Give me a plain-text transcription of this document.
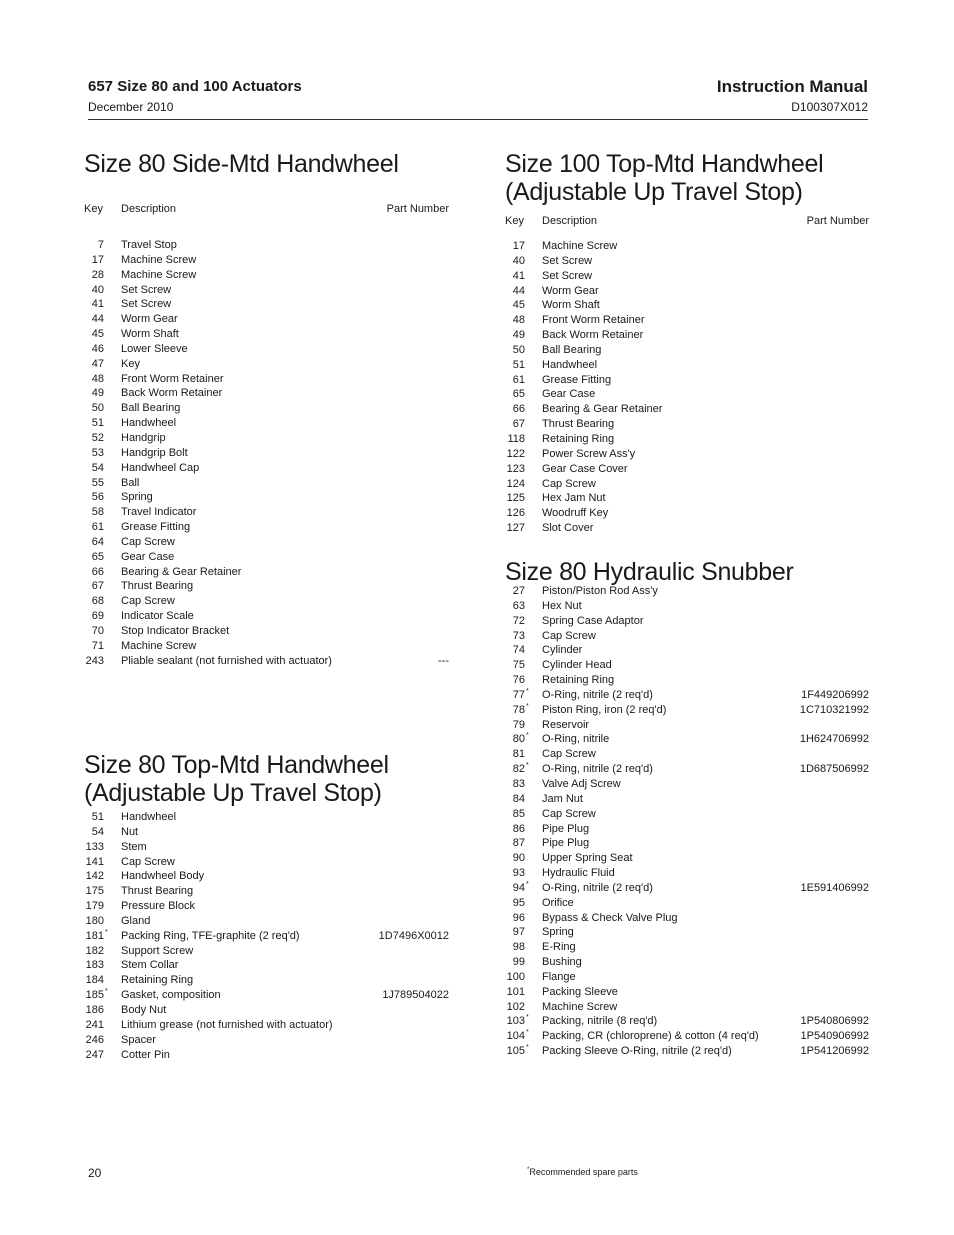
657 Size 80 and 100 Actuators
December 2010
Instruction Manual
D100307X012
Size 80 Side-Mtd Handwheel
Key Description	Part Number
7 Travel Stop
17 Machine Screw
28 Machine Screw
40 Set Screw
41 Set Screw
44 Worm Gear
45 Worm Shaft
46 Lower Sleeve
47 Key
48 Front Worm Retainer
49 Back Worm Retainer
50 Ball Bearing
51 Handwheel
52 Handgrip
53 Handgrip Bolt
54 Handwheel Cap
55 Ball
56 Spring
58 Travel Indicator
61 Grease Fitting
64 Cap Screw
65 Gear Case
66 Bearing & Gear Retainer
67 Thrust Bearing
68 Cap Screw
69 Indicator Scale
70 Stop Indicator Bracket
71 Machine Screw
243 Pliable sealant (not furnished with actuator)	---
Size 80 Top-Mtd Handwheel
(Adjustable Up Travel Stop)
51 Handwheel
54 Nut
133 Stem
141 Cap Screw
142 Handwheel Body
175 Thrust Bearing
179 Pressure Block
180 Gland
181 * Packing Ring, TFE-graphite (2 req'd)	1D7496X0012
182 Support Screw
183 Stem Collar
184 Retaining Ring
185 * Gasket, composition	1J789504022
186 Body Nut
241 Lithium grease (not furnished with actuator)
246 Spacer
247 Cotter Pin
Size 100 Top-Mtd Handwheel
(Adjustable Up Travel Stop)
Key Description	Part Number
17 Machine Screw
40 Set Screw
41 Set Screw
44 Worm Gear
45 Worm Shaft
48 Front Worm Retainer
49 Back Worm Retainer
50 Ball Bearing
51 Handwheel
61 Grease Fitting
65 Gear Case
66 Bearing & Gear Retainer
67 Thrust Bearing
118 Retaining Ring
122 Power Screw Ass'y
123 Gear Case Cover
124 Cap Screw
125 Hex Jam Nut
126 Woodruff Key
127 Slot Cover
Size 80 Hydraulic Snubber
27 Piston/Piston Rod Ass'y
63 Hex Nut
72 Spring Case Adaptor
73 Cap Screw
74 Cylinder
75 Cylinder Head
76 Retaining Ring
77 * O-Ring, nitrile (2 req'd)	1F449206992
78 * Piston Ring, iron (2 req'd)	1C710321992
79 Reservoir
80 * O-Ring, nitrile	1H624706992
81 Cap Screw
82 * O-Ring, nitrile (2 req'd)	1D687506992
83 Valve Adj Screw
84 Jam Nut
85 Cap Screw
86 Pipe Plug
87 Pipe Plug
90 Upper Spring Seat
93 Hydraulic Fluid
94 * O-Ring, nitrile (2 req'd)	1E591406992
95 Orifice
96 Bypass & Check Valve Plug
97 Spring
98 E-Ring
99 Bushing
100 Flange
101 Packing Sleeve
102 Machine Screw
103 * Packing, nitrile (8 req'd)	1P540806992
104 * Packing, CR (chloroprene) & cotton (4 req'd)	1P540906992
105 * Packing Sleeve O-Ring, nitrile (2 req'd)	1P541206992
20	*Recommended spare parts
